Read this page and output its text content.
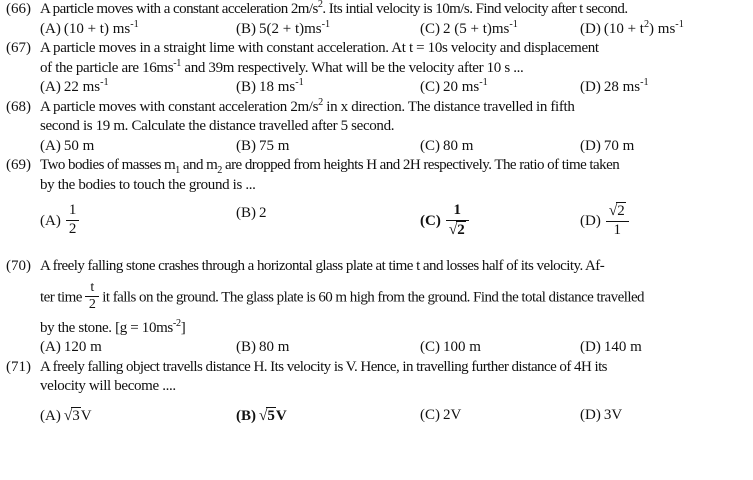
(66) A particle moves with a constant acceleration $2m/s^2$. Its intial velocity is 10m/s. Find velocity after t second.
(A) (10 + t) $ms^{-1}$	(B) $5(2 + t)ms^{-1}$	(C) 2 $(5 + t)ms^{-1}$	(D) $(10 + t^2)$ $ms^{-1}$
(67) A particle moves in a straight lime with constant acceleration. At t = 10s velocity and displacement
of the particle are $16ms^{-1}$ and 39m respectively. What will be the velocity after 10 s ...
(A) 22 $ms^{-1}$	(B) 18 $ms^{-1}$	(C) 20 $ms^{-1}$	(D) 28 $ms^{-1}$
(68) A particle moves with constant acceleration $2m/s^2$ in x direction. The distance travelled in fifth
second is 19 m. Calculate the distance travelled after 5 second.
(A) 50 m	(B) 75 m	(C) 80 m	(D) 70 m
(69) Two bodies of masses $m_1$ and $m_2$ are dropped from heights H and 2H respectively. The ratio of time taken
by the bodies to touch the ground is ...
$(A) \frac{1}{2}$	(B) 2
$(C) \frac{1}{√2}$	$(D) \frac{√2}{1}$
(70) A freely falling stone crashes through a horizontal glass plate at time t and losses half of its velocity. Af-
ter time $\frac{t}{2}$ it falls on the ground. The glass plate is 60 m high from the ground. Find the total distance travelled
by the stone. $[g = 10ms^{-2}]$
(A) 120 m	(B) 80 m	(C) 100 m	(D) 140 m
(71) A freely falling object travells distance H. Its velocity is V. Hence, in travelling further distance of 4H its
velocity will become ....
(A) √3V	(B) √5V	(C) 2V	(D) 3V
